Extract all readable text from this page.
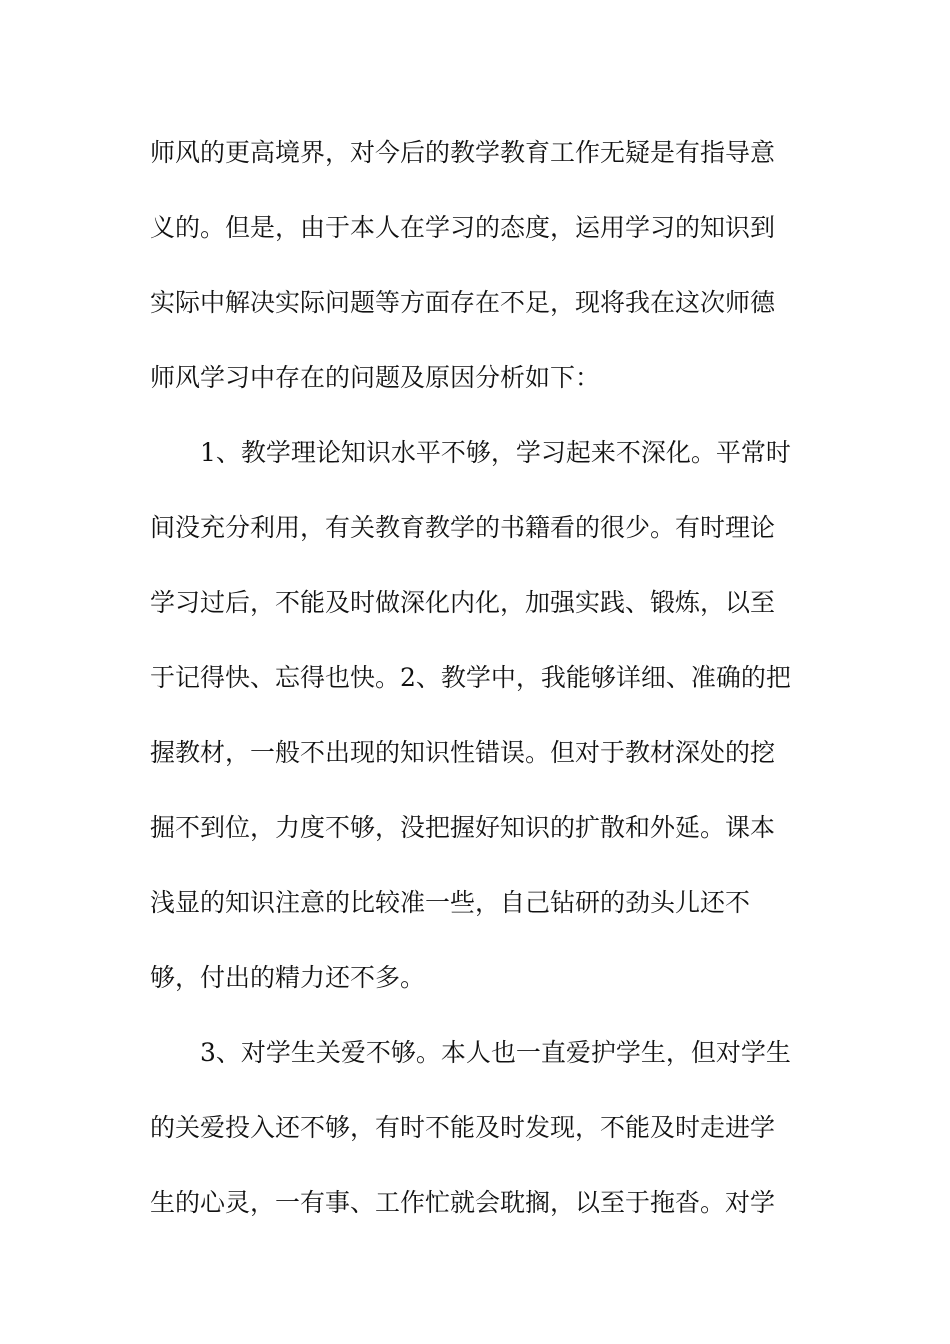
师风的更高境界，对今后的教学教育工作无疑是有指导意
义的。但是，由于本人在学习的态度，运用学习的知识到
实际中解决实际问题等方面存在不足，现将我在这次师德
师风学习中存在的问题及原因分析如下：
1、教学理论知识水平不够，学习起来不深化。平常时
间没充分利用，有关教育教学的书籍看的很少。有时理论
学习过后，不能及时做深化内化，加强实践、锻炼，以至
于记得快、忘得也快。2、教学中，我能够详细、准确的把
握教材，一般不出现的知识性错误。但对于教材深处的挖
掘不到位，力度不够，没把握好知识的扩散和外延。课本
浅显的知识注意的比较准一些，自己钻研的劲头儿还不
够，付出的精力还不多。
3、对学生关爱不够。本人也一直爱护学生，但对学生
的关爱投入还不够，有时不能及时发现，不能及时走进学
生的心灵，一有事、工作忙就会耽搁，以至于拖沓。对学
